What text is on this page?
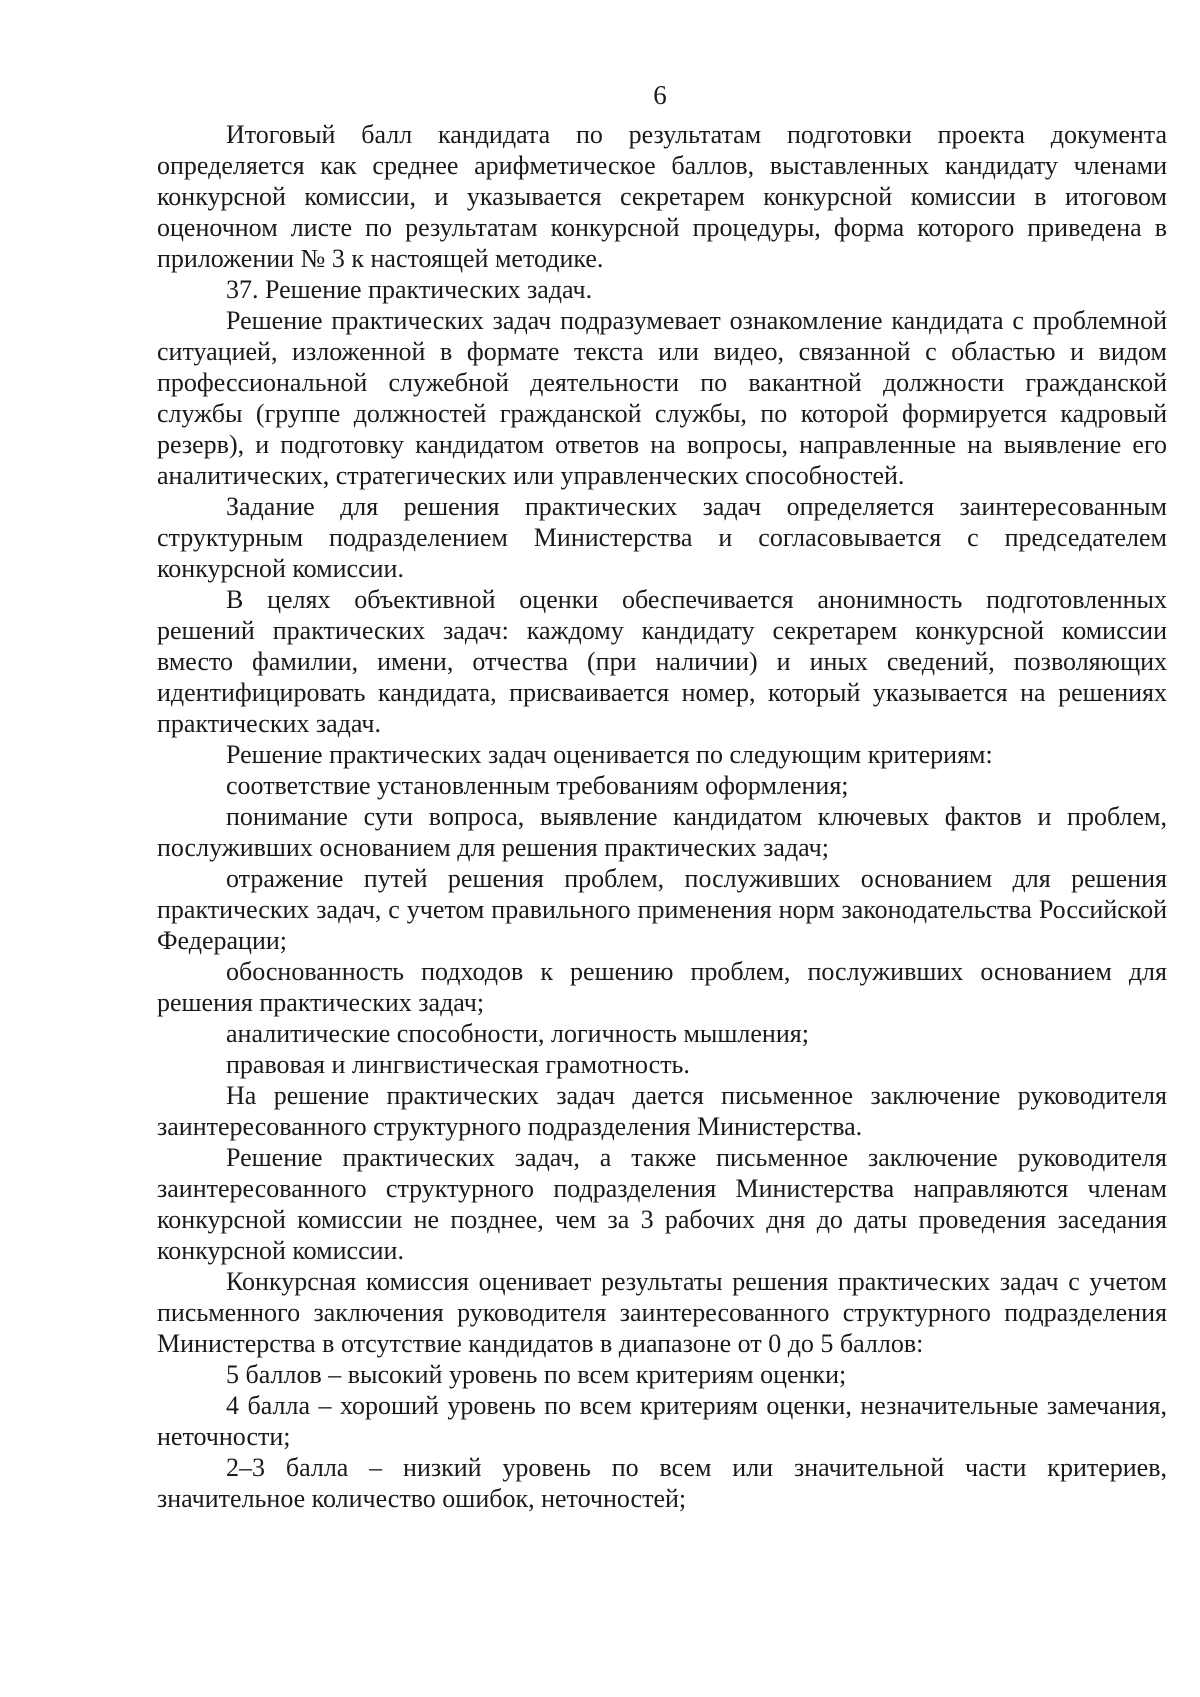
6

Итоговый балл кандидата по результатам подготовки проекта документа определяется как среднее арифметическое баллов, выставленных кандидату членами конкурсной комиссии, и указывается секретарем конкурсной комиссии в итоговом оценочном листе по результатам конкурсной процедуры, форма которого приведена в приложении № 3 к настоящей методике.

37. Решение практических задач.

Решение практических задач подразумевает ознакомление кандидата с проблемной ситуацией, изложенной в формате текста или видео, связанной с областью и видом профессиональной служебной деятельности по вакантной должности гражданской службы (группе должностей гражданской службы, по которой формируется кадровый резерв), и подготовку кандидатом ответов на вопросы, направленные на выявление его аналитических, стратегических или управленческих способностей.

Задание для решения практических задач определяется заинтересованным структурным подразделением Министерства и согласовывается с председателем конкурсной комиссии.

В целях объективной оценки обеспечивается анонимность подготовленных решений практических задач: каждому кандидату секретарем конкурсной комиссии вместо фамилии, имени, отчества (при наличии) и иных сведений, позволяющих идентифицировать кандидата, присваивается номер, который указывается на решениях практических задач.

Решение практических задач оценивается по следующим критериям:

соответствие установленным требованиям оформления;

понимание сути вопроса, выявление кандидатом ключевых фактов и проблем, послуживших основанием для решения практических задач;

отражение путей решения проблем, послуживших основанием для решения практических задач, с учетом правильного применения норм законодательства Российской Федерации;

обоснованность подходов к решению проблем, послуживших основанием для решения практических задач;

аналитические способности, логичность мышления;

правовая и лингвистическая грамотность.

На решение практических задач дается письменное заключение руководителя заинтересованного структурного подразделения Министерства.

Решение практических задач, а также письменное заключение руководителя заинтересованного структурного подразделения Министерства направляются членам конкурсной комиссии не позднее, чем за 3 рабочих дня до даты проведения заседания конкурсной комиссии.

Конкурсная комиссия оценивает результаты решения практических задач с учетом письменного заключения руководителя заинтересованного структурного подразделения Министерства в отсутствие кандидатов в диапазоне от 0 до 5 баллов:

5 баллов – высокий уровень по всем критериям оценки;

4 балла – хороший уровень по всем критериям оценки, незначительные замечания, неточности;

2–3 балла – низкий уровень по всем или значительной части критериев, значительное количество ошибок, неточностей;
